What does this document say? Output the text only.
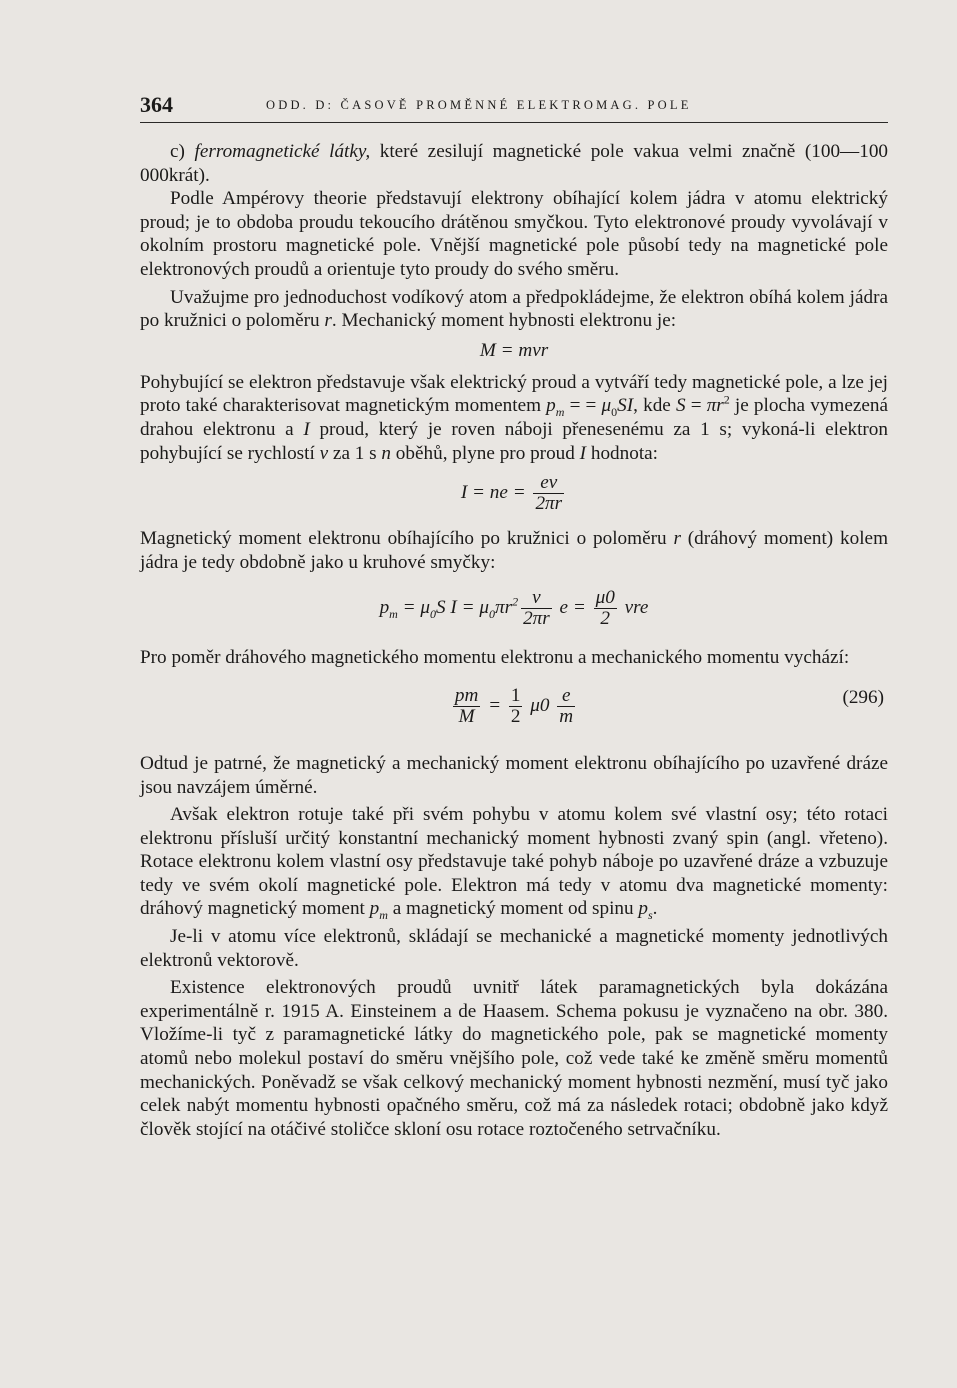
364	ODD. D: ČASOVĚ PROMĚNNÉ ELEKTROMAG. POLE

c) ferromagnetické látky, které zesilují magnetické pole vakua velmi značně (100—100 000krát).

Podle Ampérovy theorie představují elektrony obíhající kolem jádra v atomu elektrický proud; je to obdoba proudu tekoucího drátěnou smyčkou. Tyto elektronové proudy vyvolávají v okolním prostoru magnetické pole. Vnější magnetické pole působí tedy na magnetické pole elektronových proudů a orientuje tyto proudy do svého směru.

Uvažujme pro jednoduchost vodíkový atom a předpokládejme, že elektron obíhá kolem jádra po kružnici o poloměru r. Mechanický moment hybnosti elektronu je:

M = mvr

Pohybující se elektron představuje však elektrický proud a vytváří tedy magnetické pole, a lze jej proto také charakterisovat magnetickým momentem $p_m$ = = $\mu_0SI$, kde $S = \pi r^2$ je plocha vymezená drahou elektronu a I proud, který je roven náboji přenesenému za 1 s; vykoná-li elektron pohybující se rychlostí v za 1 s n oběhů, plyne pro proud I hodnota:

I = ne = $\frac{ev}{2\pi r}$

Magnetický moment elektronu obíhajícího po kružnici o poloměru r (dráhový moment) kolem jádra je tedy obdobně jako u kruhové smyčky:

$p_m = \mu_0S$ $I = \mu_0\pi r^2 \frac{v}{2\pi r}$ $e = \frac{\mu 0}{2}$ vre

Pro poměr dráhového magnetického momentu elektronu a mechanického momentu vychází:

$\frac{pm}{M} = \frac{1}{2} \mu 0 \frac{e}{m}$	(296)

Odtud je patrné, že magnetický a mechanický moment elektronu obíhajícího po uzavřené dráze jsou navzájem úměrné.

Avšak elektron rotuje také při svém pohybu v atomu kolem své vlastní osy; této rotaci elektronu přísluší určitý konstantní mechanický moment hybnosti zvaný spin (angl. vřeteno). Rotace elektronu kolem vlastní osy představuje také pohyb náboje po uzavřené dráze a vzbuzuje tedy ve svém okolí magnetické pole. Elektron má tedy v atomu dva magnetické momenty: dráhový magnetický moment $p_m$ a magnetický moment od spinu $p_s$.

Je-li v atomu více elektronů, skládají se mechanické a magnetické momenty jednotlivých elektronů vektorově.

Existence elektronových proudů uvnitř látek paramagnetických byla dokázána experimentálně r. 1915 A. Einsteinem a de Haasem. Schema pokusu je vyznačeno na obr. 380. Vložíme-li tyč z paramagnetické látky do magnetického pole, pak se magnetické momenty atomů nebo molekul postaví do směru vnějšího pole, což vede také ke změně směru momentů mechanických. Poněvadž se však celkový mechanický moment hybnosti nezmění, musí tyč jako celek nabýt momentu hybnosti opačného směru, což má za následek rotaci; obdobně jako když člověk stojící na otáčivé stoličce skloní osu rotace roztočeného setrvačníku.
